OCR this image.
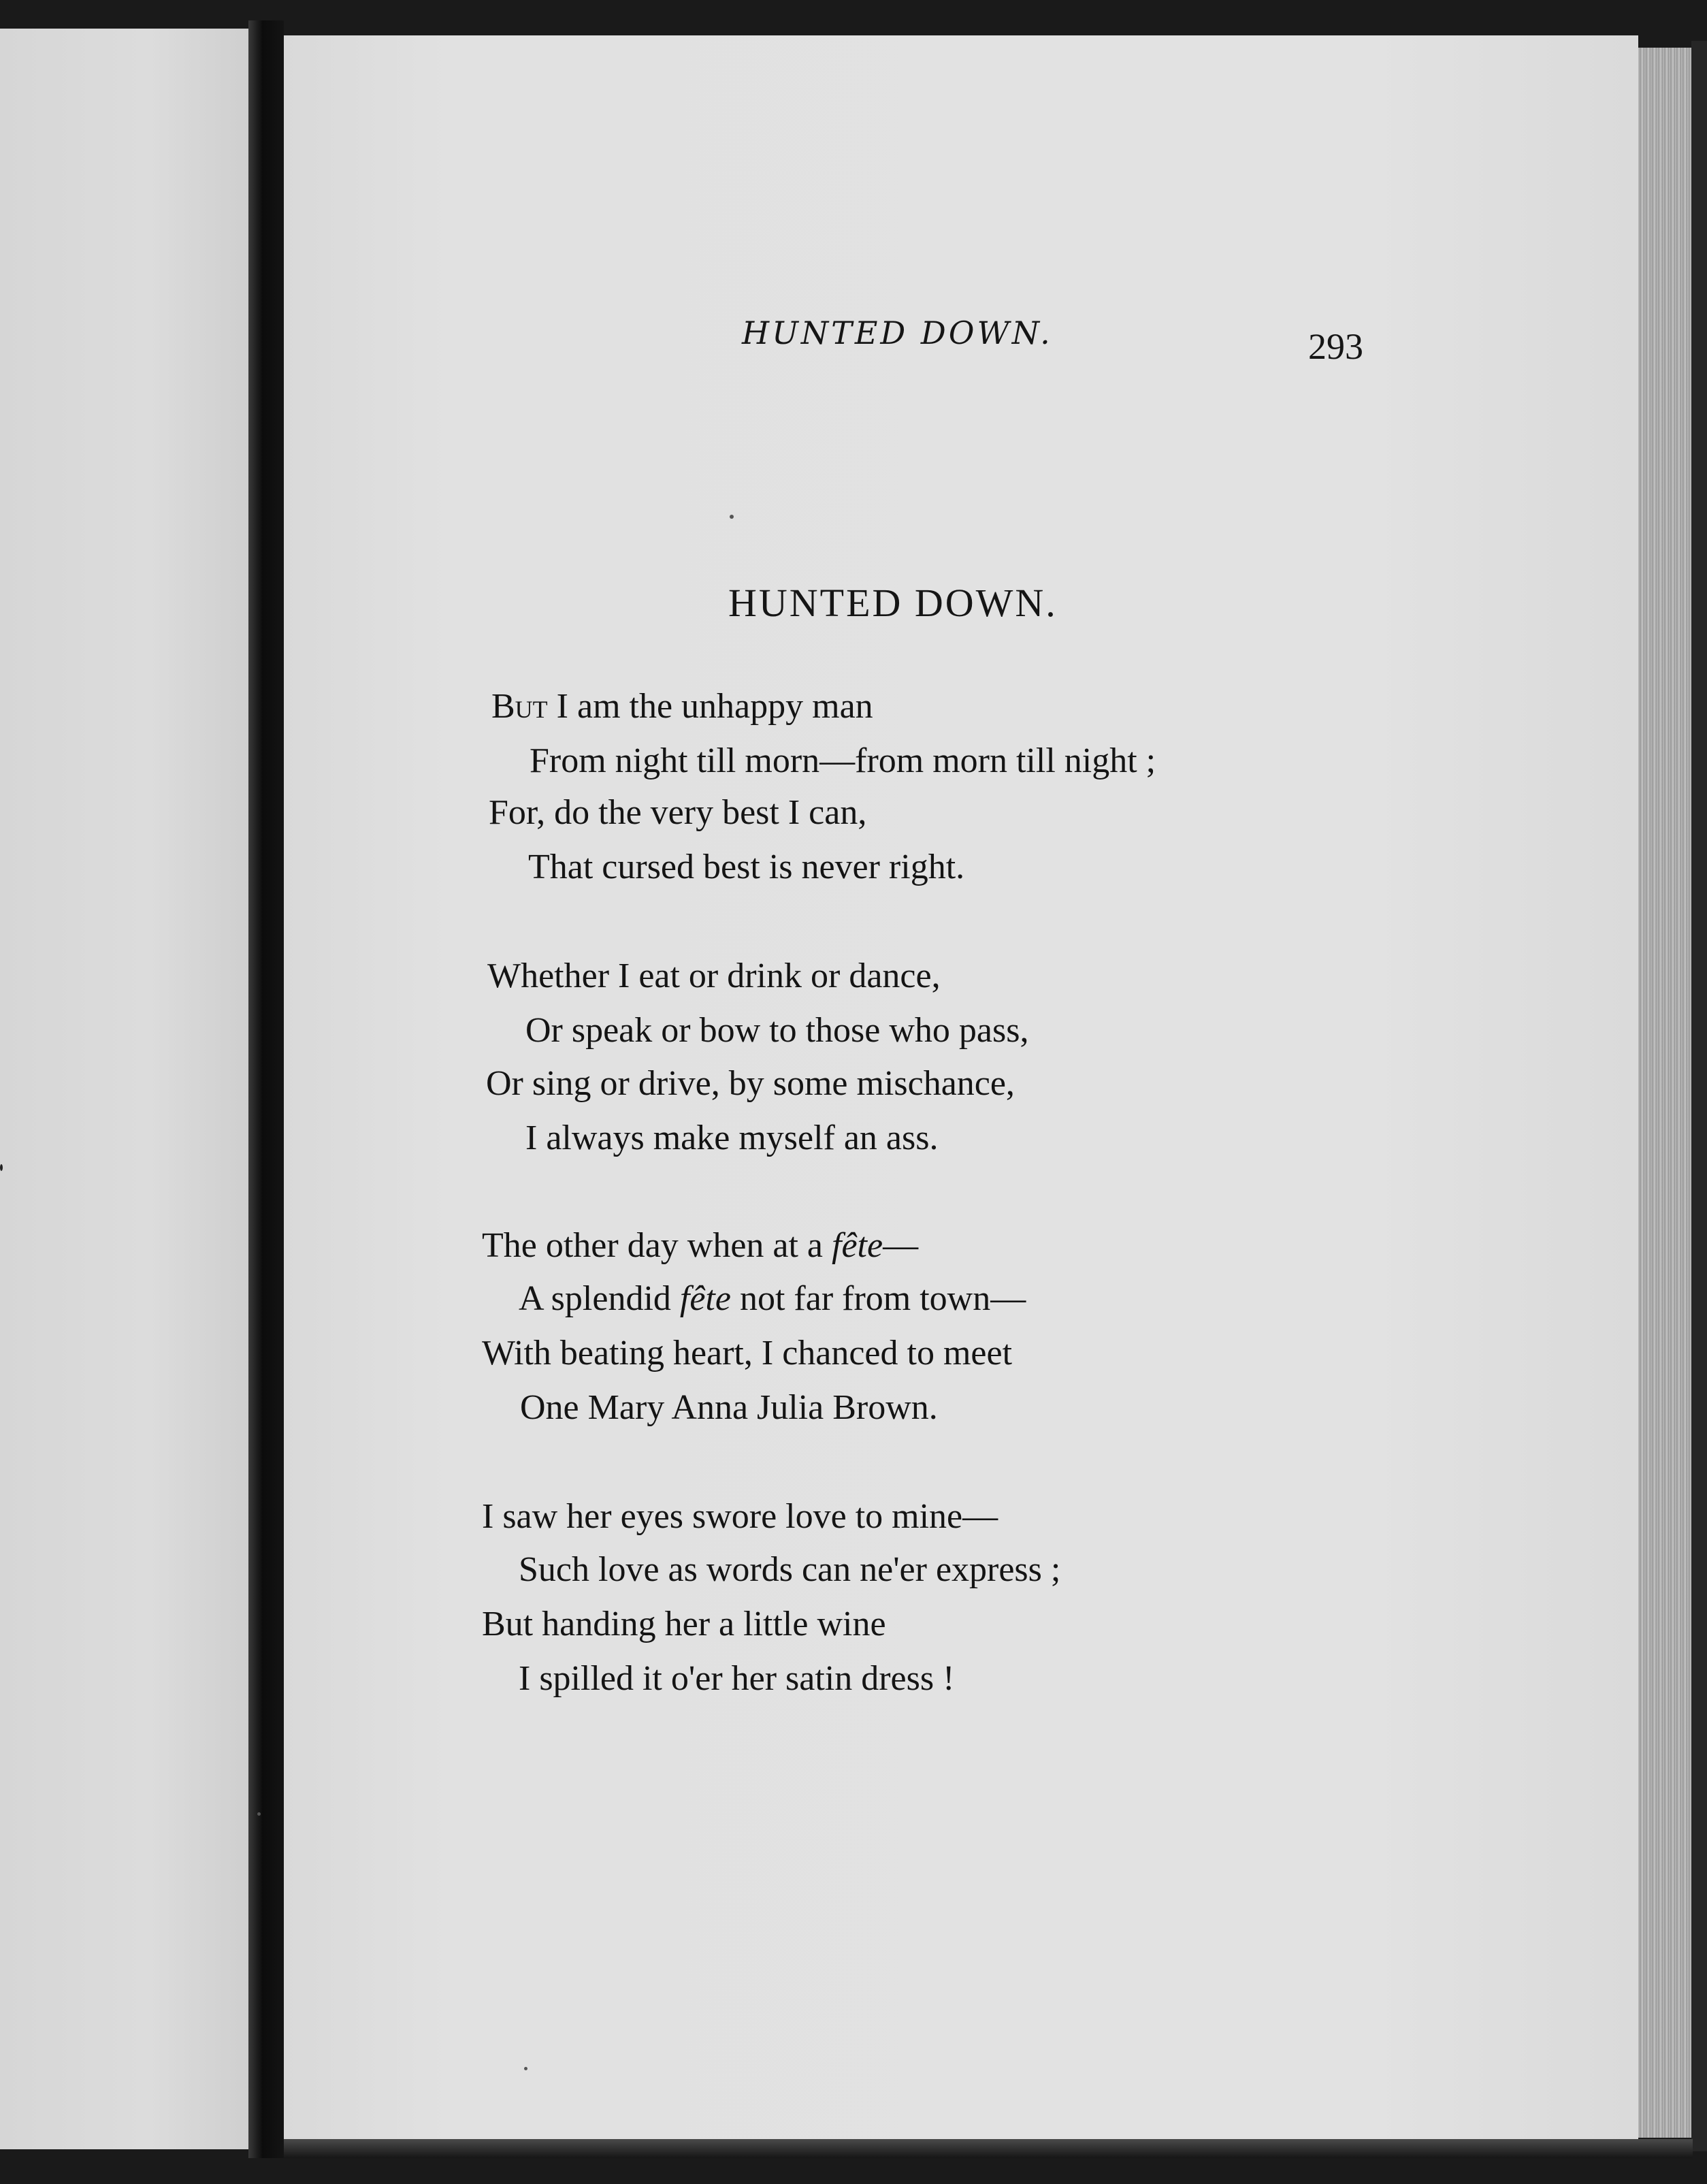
HUNTED DOWN.	293
HUNTED DOWN.
But I am the unhappy man
From night till morn—from morn till night ;
For, do the very best I can,
That cursed best is never right.
Whether I eat or drink or dance,
Or speak or bow to those who pass,
Or sing or drive, by some mischance,
I always make myself an ass.
The other day when at a fête—
A splendid fête not far from town—
With beating heart, I chanced to meet
One Mary Anna Julia Brown.
I saw her eyes swore love to mine—
Such love as words can ne'er express ;
But handing her a little wine
I spilled it o'er her satin dress !
